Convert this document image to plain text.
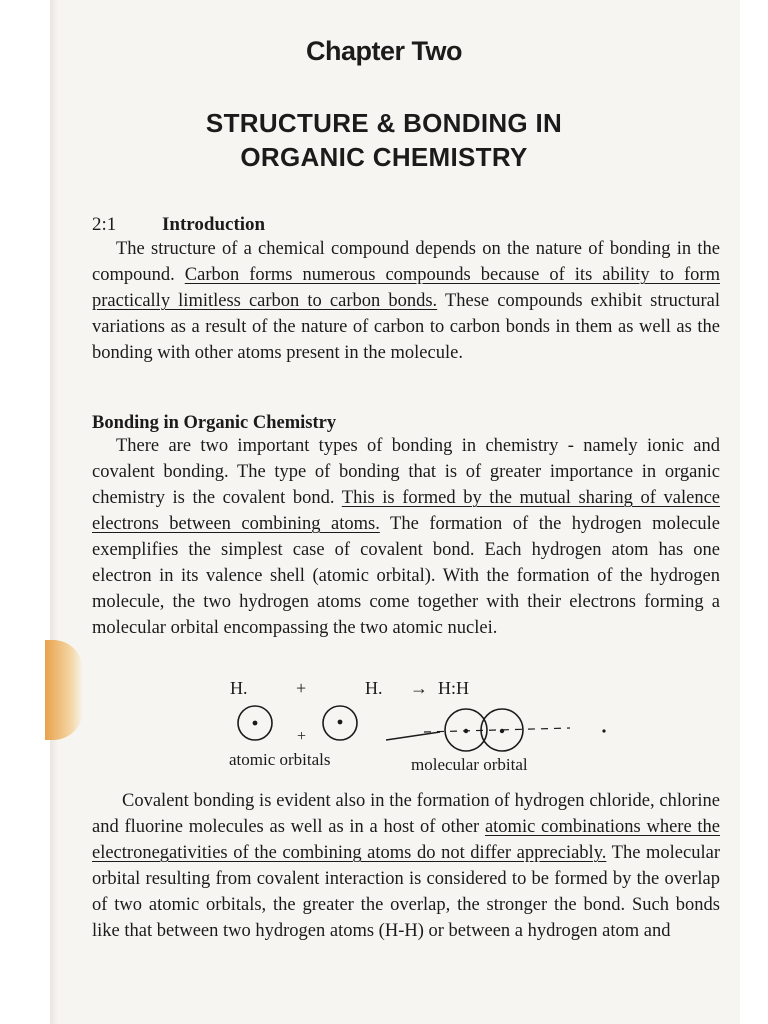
Chapter Two
STRUCTURE & BONDING IN
ORGANIC CHEMISTRY
2:1 Introduction
The structure of a chemical compound depends on the nature of bonding in the compound. Carbon forms numerous compounds because of its ability to form practically limitless carbon to carbon bonds. These compounds exhibit structural variations as a result of the nature of carbon to carbon bonds in them as well as the bonding with other atoms present in the molecule.
Bonding in Organic Chemistry
There are two important types of bonding in chemistry - namely ionic and covalent bonding. The type of bonding that is of greater importance in organic chemistry is the covalent bond. This is formed by the mutual sharing of valence electrons between combining atoms. The formation of the hydrogen molecule exemplifies the simplest case of covalent bond. Each hydrogen atom has one electron in its valence shell (atomic orbital). With the formation of the hydrogen molecule, the two hydrogen atoms come together with their electrons forming a molecular orbital encompassing the two atomic nuclei.
H.	+	H. → H:H
+
atomic orbitals	molecular orbital
Covalent bonding is evident also in the formation of hydrogen chloride, chlorine and fluorine molecules as well as in a host of other atomic combinations where the electronegativities of the combining atoms do not differ appreciably. The molecular orbital resulting from covalent interaction is considered to be formed by the overlap of two atomic orbitals, the greater the overlap, the stronger the bond. Such bonds like that between two hydrogen atoms (H-H) or between a hydrogen atom and
